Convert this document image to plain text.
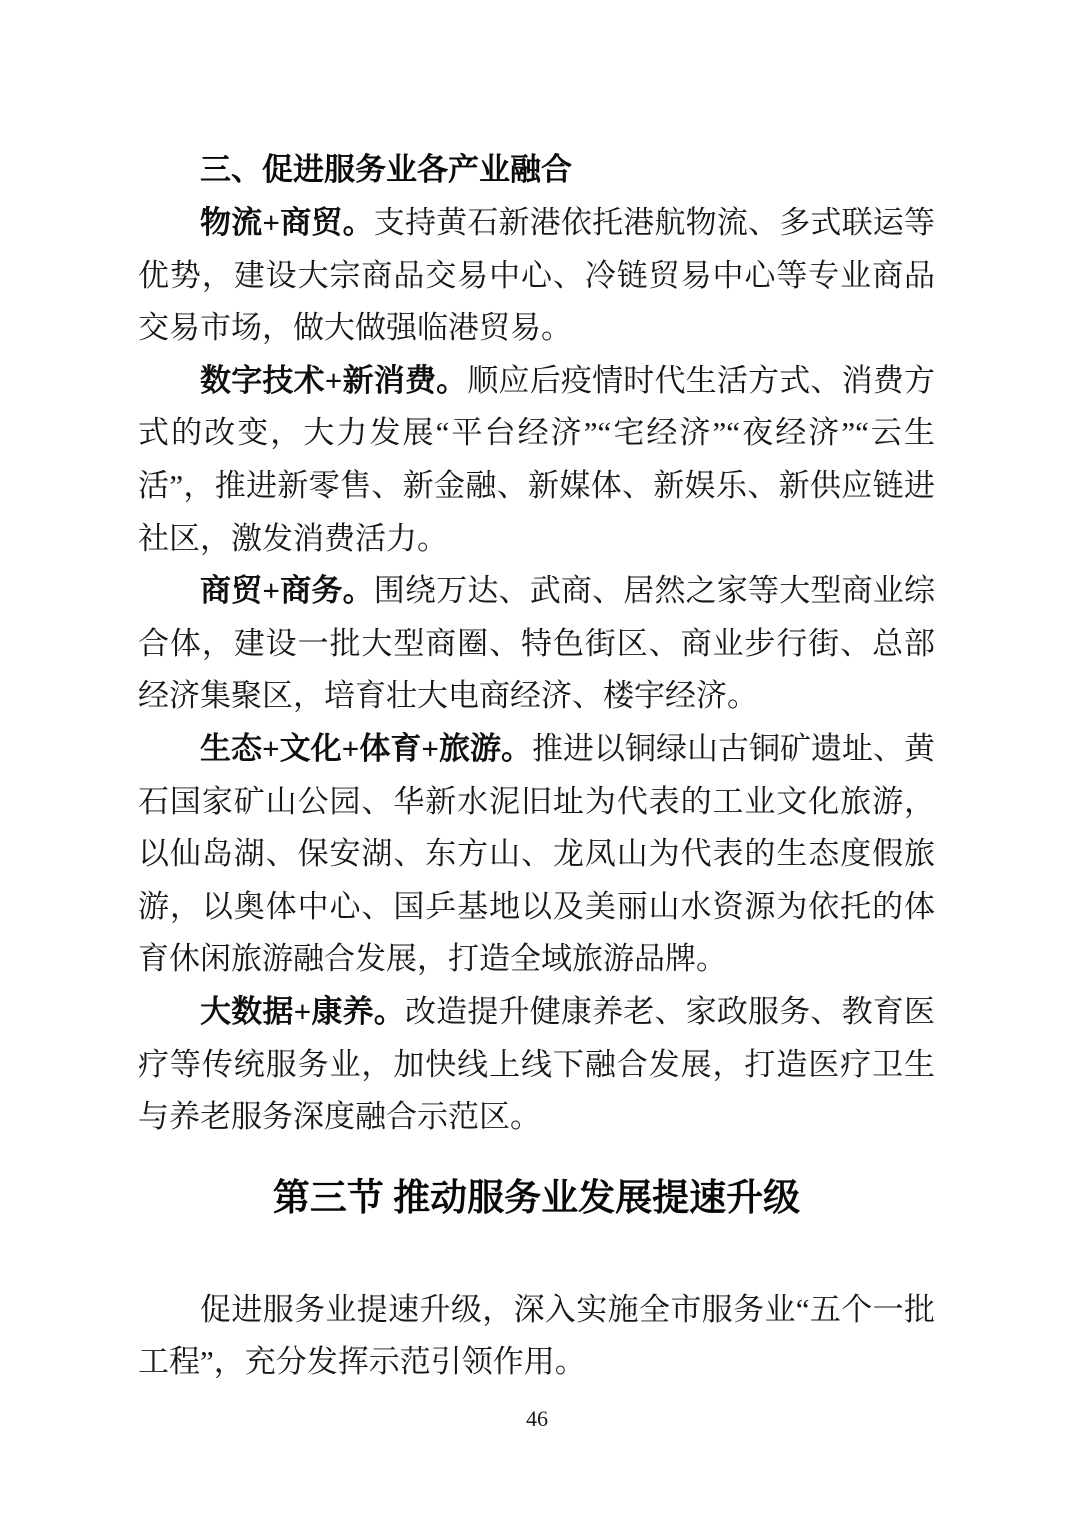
三、促进服务业各产业融合

物流+商贸。支持黄石新港依托港航物流、多式联运等优势，建设大宗商品交易中心、冷链贸易中心等专业商品交易市场，做大做强临港贸易。

数字技术+新消费。顺应后疫情时代生活方式、消费方式的改变，大力发展“平台经济”“宅经济”“夜经济”“云生活”，推进新零售、新金融、新媒体、新娱乐、新供应链进社区，激发消费活力。

商贸+商务。围绕万达、武商、居然之家等大型商业综合体，建设一批大型商圈、特色街区、商业步行街、总部经济集聚区，培育壮大电商经济、楼宇经济。

生态+文化+体育+旅游。推进以铜绿山古铜矿遗址、黄石国家矿山公园、华新水泥旧址为代表的工业文化旅游，以仙岛湖、保安湖、东方山、龙凤山为代表的生态度假旅游，以奥体中心、国乒基地以及美丽山水资源为依托的体育休闲旅游融合发展，打造全域旅游品牌。

大数据+康养。改造提升健康养老、家政服务、教育医疗等传统服务业，加快线上线下融合发展，打造医疗卫生与养老服务深度融合示范区。

第三节 推动服务业发展提速升级

促进服务业提速升级，深入实施全市服务业“五个一批工程”，充分发挥示范引领作用。

46
